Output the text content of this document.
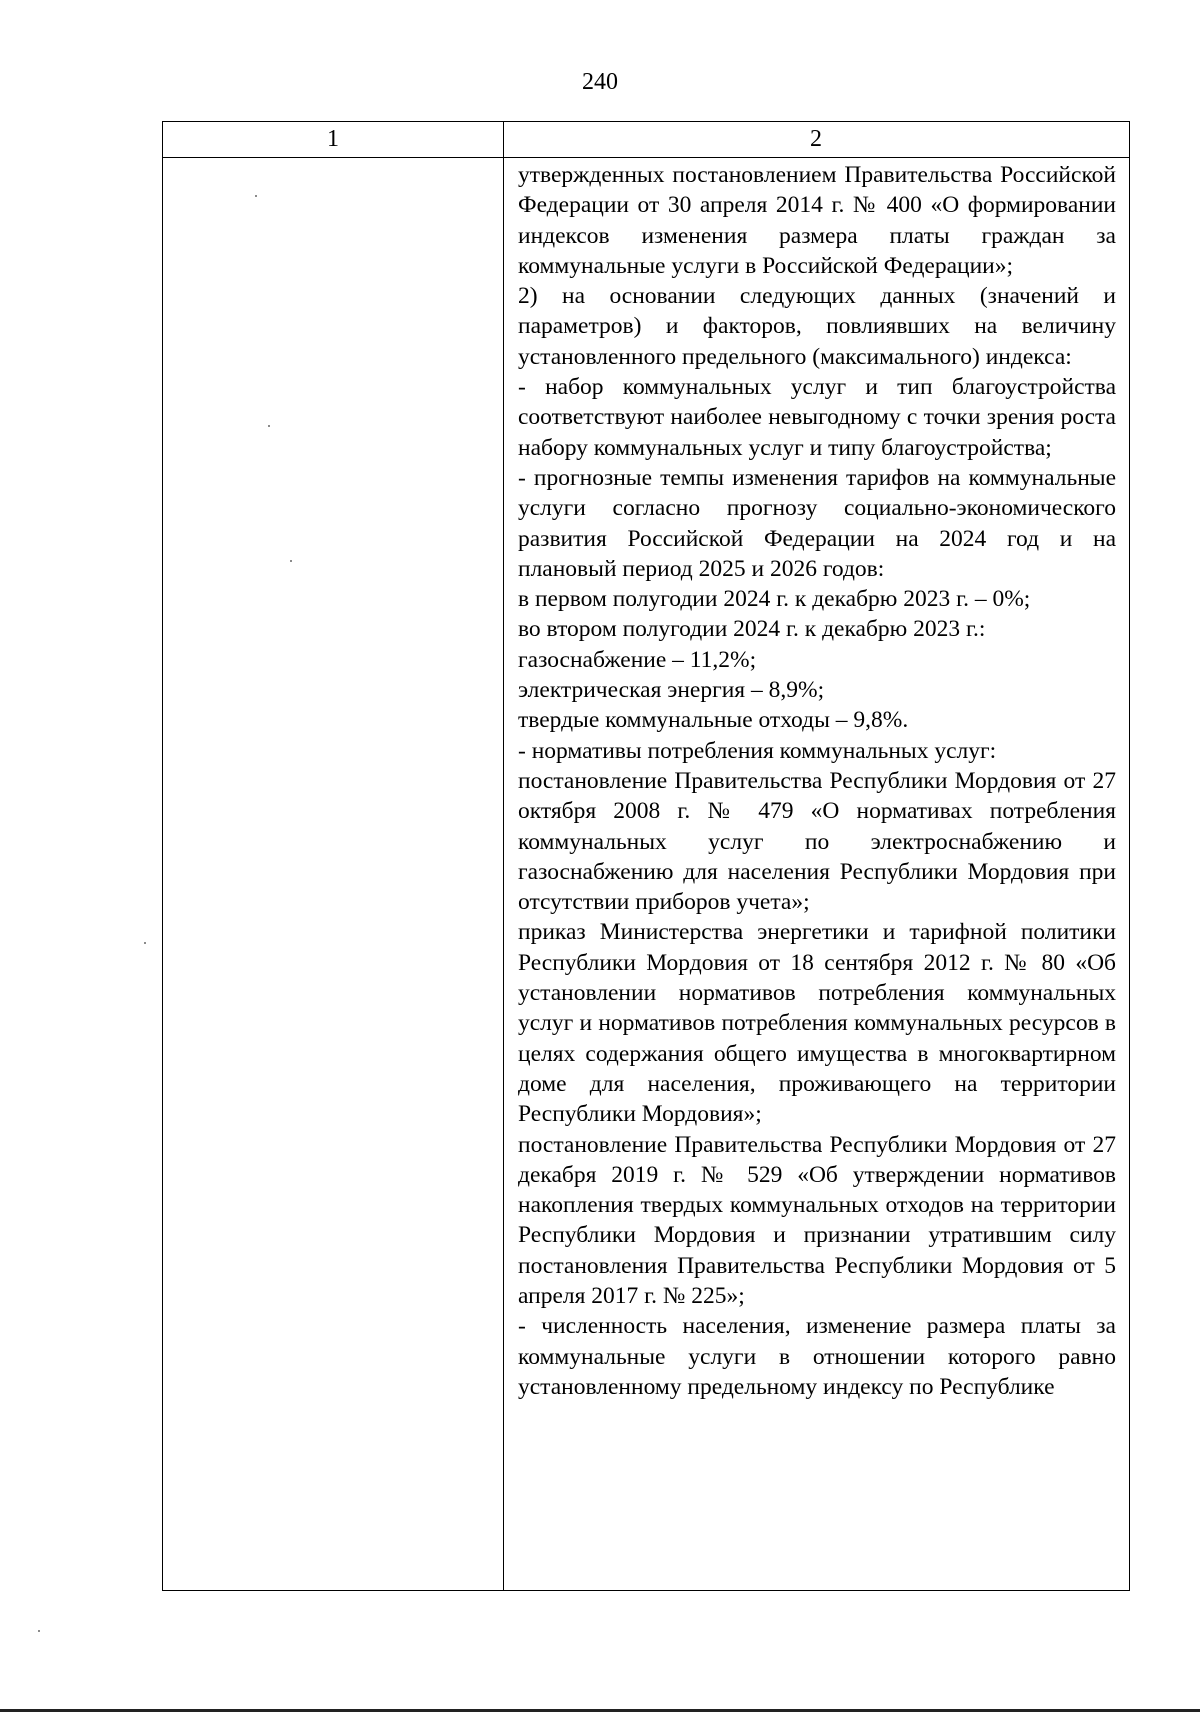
240
1	2

утвержденных постановлением Правительства Российской Федерации от 30 апреля 2014 г. № 400 «О формировании индексов изменения размера платы граждан за коммунальные услуги в Российской Федерации»;

2) на основании следующих данных (значений и параметров) и факторов, повлиявших на величину установленного предельного (максимального) индекса:

- набор коммунальных услуг и тип благоустройства соответствуют наиболее невыгодному с точки зрения роста набору коммунальных услуг и типу благоустройства;

- прогнозные темпы изменения тарифов на коммунальные услуги согласно прогнозу социально-экономического развития Российской Федерации на 2024 год и на плановый период 2025 и 2026 годов:

в первом полугодии 2024 г. к декабрю 2023 г. – 0%;

во втором полугодии 2024 г. к декабрю 2023 г.:

газоснабжение – 11,2%;

электрическая энергия – 8,9%;

твердые коммунальные отходы – 9,8%.

- нормативы потребления коммунальных услуг:

постановление Правительства Республики Мордовия от 27 октября 2008 г. № 479 «О нормативах потребления коммунальных услуг по электроснабжению и газоснабжению для населения Республики Мордовия при отсутствии приборов учета»;

приказ Министерства энергетики и тарифной политики Республики Мордовия от 18 сентября 2012 г. № 80 «Об установлении нормативов потребления коммунальных услуг и нормативов потребления коммунальных ресурсов в целях содержания общего имущества в многоквартирном доме для населения, проживающего на территории Республики Мордовия»;

постановление Правительства Республики Мордовия от 27 декабря 2019 г. № 529 «Об утверждении нормативов накопления твердых коммунальных отходов на территории Республики Мордовия и признании утратившим силу постановления Правительства Республики Мордовия от 5 апреля 2017 г. № 225»;

- численность населения, изменение размера платы за коммунальные услуги в отношении которого равно установленному предельному индексу по Республике
